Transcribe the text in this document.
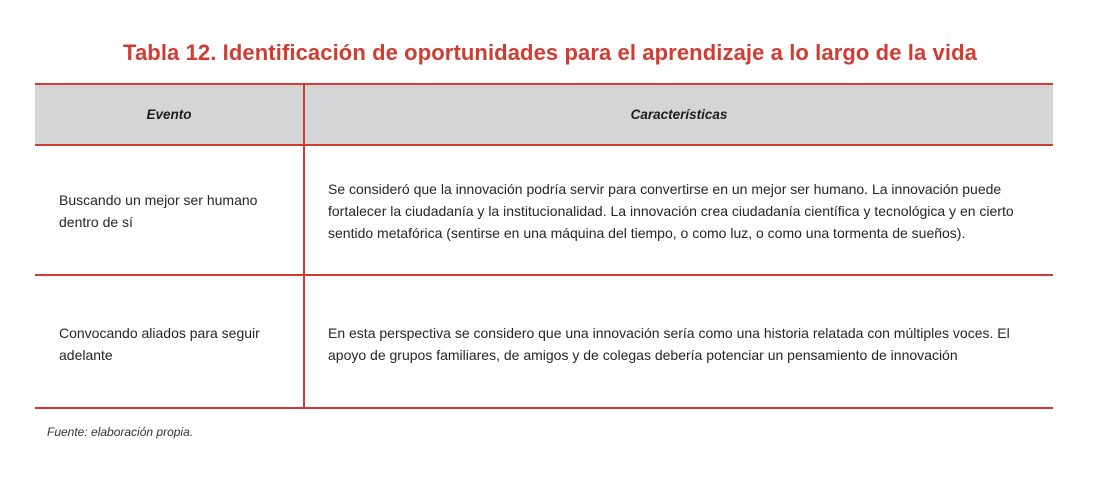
Tabla 12. Identificación de oportunidades para el aprendizaje a lo largo de la vida
Evento	Características
Buscando un mejor ser humano dentro de sí
Se consideró que la innovación podría servir para convertirse en un mejor ser humano. La innovación puede fortalecer la ciudadanía y la institucionalidad. La innovación crea ciudadanía científica y tecnológica y en cierto sentido metafórica (sentirse en una máquina del tiempo, o como luz, o como una tormenta de sueños).
Convocando aliados para seguir adelante
En esta perspectiva se considero que una innovación sería como una historia relatada con múltiples voces. El apoyo de grupos familiares, de amigos y de colegas debería potenciar un pensamiento de innovación
Fuente: elaboración propia.
